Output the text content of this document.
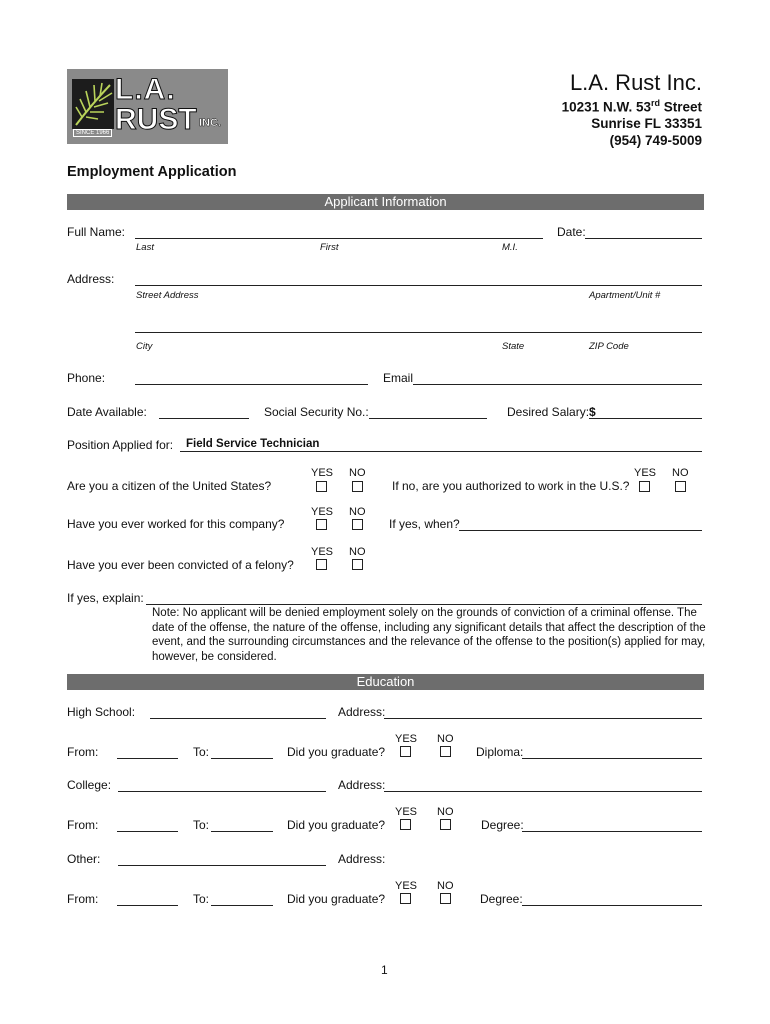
L.A.
RUST INC.
SINCE 1966
L.A. Rust Inc.
10231 N.W. 53rd Street
Sunrise FL 33351
(954) 749-5009
Employment Application
Applicant Information
Full Name:	Date:
Last	First	M.I.
Address:
Street Address	Apartment/Unit #
City	State	ZIP Code
Phone:	Email
Date Available:	Social Security No.:	Desired Salary: $
Position Applied for: Field Service Technician
YES NO
Are you a citizen of the United States?
YES NO
If no, are you authorized to work in the U.S.?
YES NO
Have you ever worked for this company?	If yes, when?
YES NO
Have you ever been convicted of a felony?
If yes, explain:
Note: No applicant will be denied employment solely on the grounds of conviction of a criminal offense. The date of the offense, the nature of the offense, including any significant details that affect the description of the event, and the surrounding circumstances and the relevance of the offense to the position(s) applied for may, however, be considered.
Education
High School:	Address:
YES NO
From:	To:	Did you graduate?	Diploma:
College:	Address:
YES NO
From:	To:	Did you graduate?	Degree:
Other:	Address:
YES NO
From:	To:	Did you graduate?	Degree:
1
